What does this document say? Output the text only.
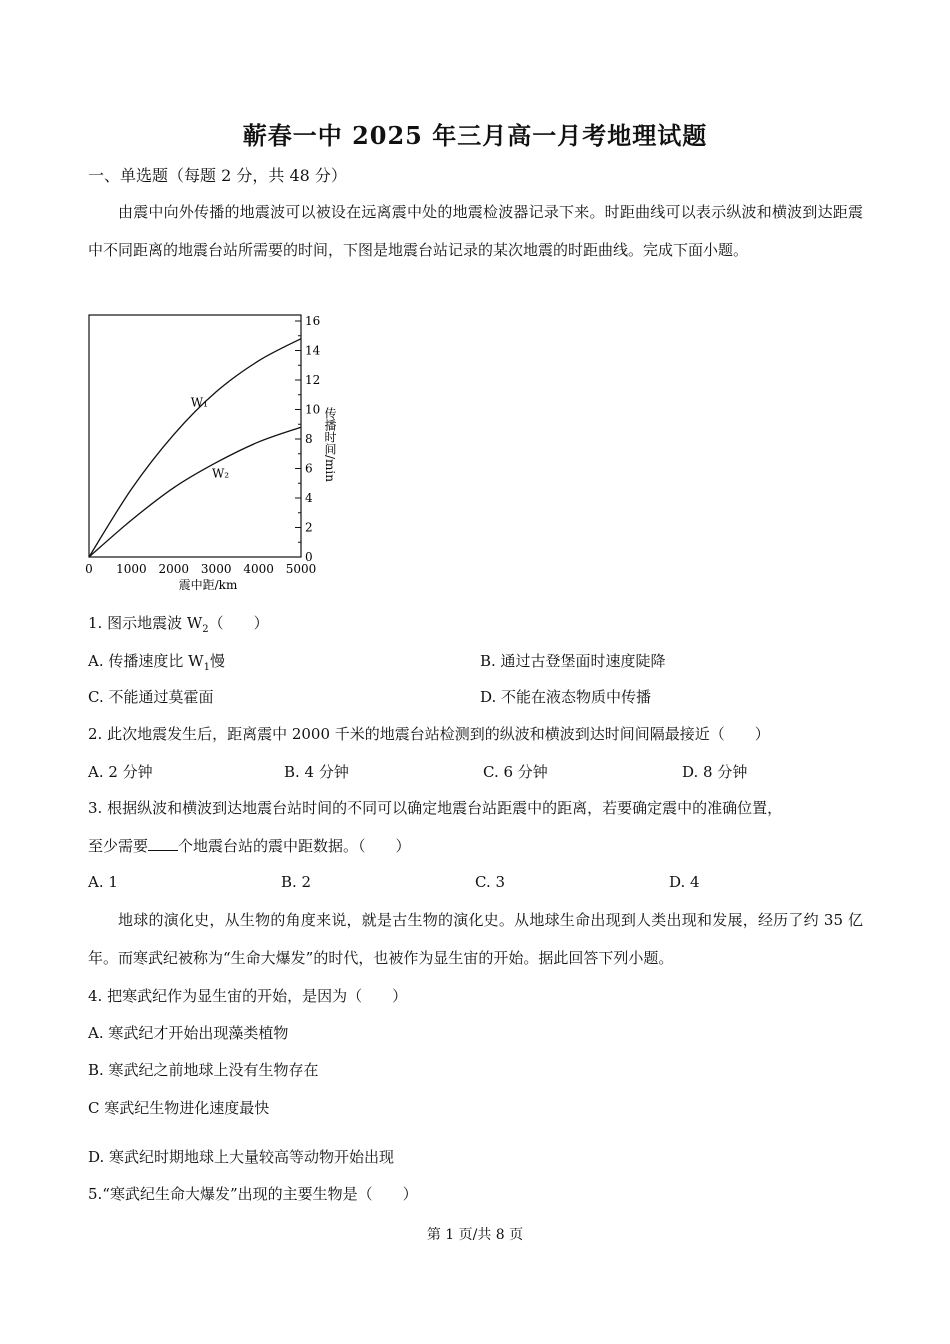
蕲春一中 2025 年三月高一月考地理试题
一、单选题（每题 2 分，共 48 分）
由震中向外传播的地震波可以被设在远离震中处的地震检波器记录下来。时距曲线可以表示纵波和横波到达距震中不同距离的地震台站所需要的时间，下图是地震台站记录的某次地震的时距曲线。完成下面小题。
0
2
4
6
8
10
12
14
16
0 1000 2000 3000 4000 5000
W₁
W₂
震中距/km
传播时间/min
1. 图示地震波 $W_2$（　　）
A. 传播速度比 $W_1$慢	B. 通过古登堡面时速度陡降
C. 不能通过莫霍面	D. 不能在液态物质中传播
2. 此次地震发生后，距离震中 2000 千米的地震台站检测到的纵波和横波到达时间间隔最接近（　　）
A. 2 分钟	B. 4 分钟	C. 6 分钟	D. 8 分钟
3. 根据纵波和横波到达地震台站时间的不同可以确定地震台站距震中的距离，若要确定震中的准确位置，
至少需要 个地震台站的震中距数据。（　　）
A. 1	B. 2	C. 3	D. 4
地球的演化史，从生物的角度来说，就是古生物的演化史。从地球生命出现到人类出现和发展，经历了约 35 亿年。而寒武纪被称为“生命大爆发”的时代，也被作为显生宙的开始。据此回答下列小题。
4. 把寒武纪作为显生宙的开始，是因为（　　）
A. 寒武纪才开始出现藻类植物
B. 寒武纪之前地球上没有生物存在
C 寒武纪生物进化速度最快
D. 寒武纪时期地球上大量较高等动物开始出现
5.“寒武纪生命大爆发”出现的主要生物是（　　）
第 1 页/共 8 页
